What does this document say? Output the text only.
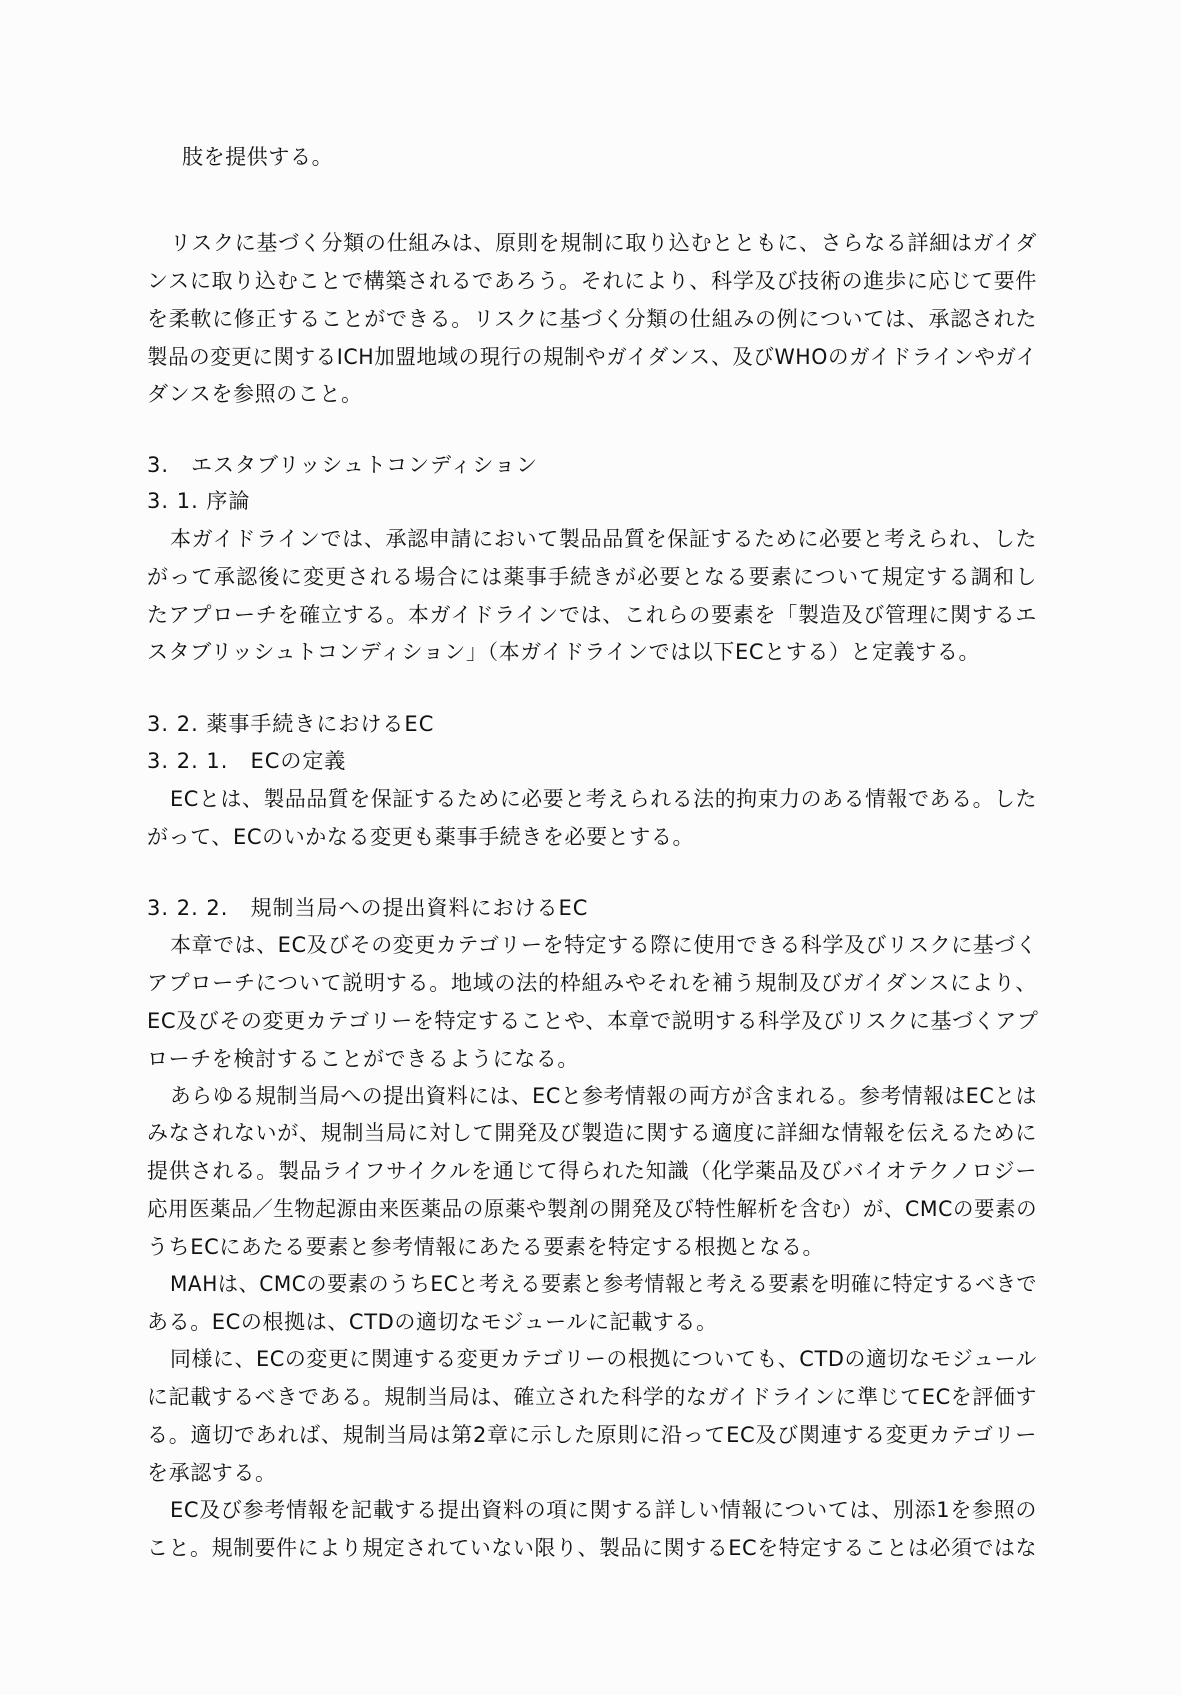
肢を提供する。
リスクに基づく分類の仕組みは、原則を規制に取り込むとともに、さらなる詳細はガイダ
ンスに取り込むことで構築されるであろう。それにより、科学及び技術の進歩に応じて要件
を柔軟に修正することができる。リスクに基づく分類の仕組みの例については、承認された
製品の変更に関するICH加盟地域の現行の規制やガイダンス、及びWHOのガイドラインやガイ
ダンスを参照のこと。
3.　エスタブリッシュトコンディション
3. 1. 序論
本ガイドラインでは、承認申請において製品品質を保証するために必要と考えられ、した
がって承認後に変更される場合には薬事手続きが必要となる要素について規定する調和し
たアプローチを確立する。本ガイドラインでは、これらの要素を「製造及び管理に関するエ
スタブリッシュトコンディション」（本ガイドラインでは以下ECとする）と定義する。
3. 2. 薬事手続きにおけるEC
3. 2. 1.　ECの定義
ECとは、製品品質を保証するために必要と考えられる法的拘束力のある情報である。した
がって、ECのいかなる変更も薬事手続きを必要とする。
3. 2. 2.　規制当局への提出資料におけるEC
本章では、EC及びその変更カテゴリーを特定する際に使用できる科学及びリスクに基づく
アプローチについて説明する。地域の法的枠組みやそれを補う規制及びガイダンスにより、
EC及びその変更カテゴリーを特定することや、本章で説明する科学及びリスクに基づくアプ
ローチを検討することができるようになる。
あらゆる規制当局への提出資料には、ECと参考情報の両方が含まれる。参考情報はECとは
みなされないが、規制当局に対して開発及び製造に関する適度に詳細な情報を伝えるために
提供される。製品ライフサイクルを通じて得られた知識（化学薬品及びバイオテクノロジー
応用医薬品／生物起源由来医薬品の原薬や製剤の開発及び特性解析を含む）が、CMCの要素の
うちECにあたる要素と参考情報にあたる要素を特定する根拠となる。
MAHは、CMCの要素のうちECと考える要素と参考情報と考える要素を明確に特定するべきで
ある。ECの根拠は、CTDの適切なモジュールに記載する。
同様に、ECの変更に関連する変更カテゴリーの根拠についても、CTDの適切なモジュール
に記載するべきである。規制当局は、確立された科学的なガイドラインに準じてECを評価す
る。適切であれば、規制当局は第2章に示した原則に沿ってEC及び関連する変更カテゴリー
を承認する。
EC及び参考情報を記載する提出資料の項に関する詳しい情報については、別添1を参照の
こと。規制要件により規定されていない限り、製品に関するECを特定することは必須ではな
